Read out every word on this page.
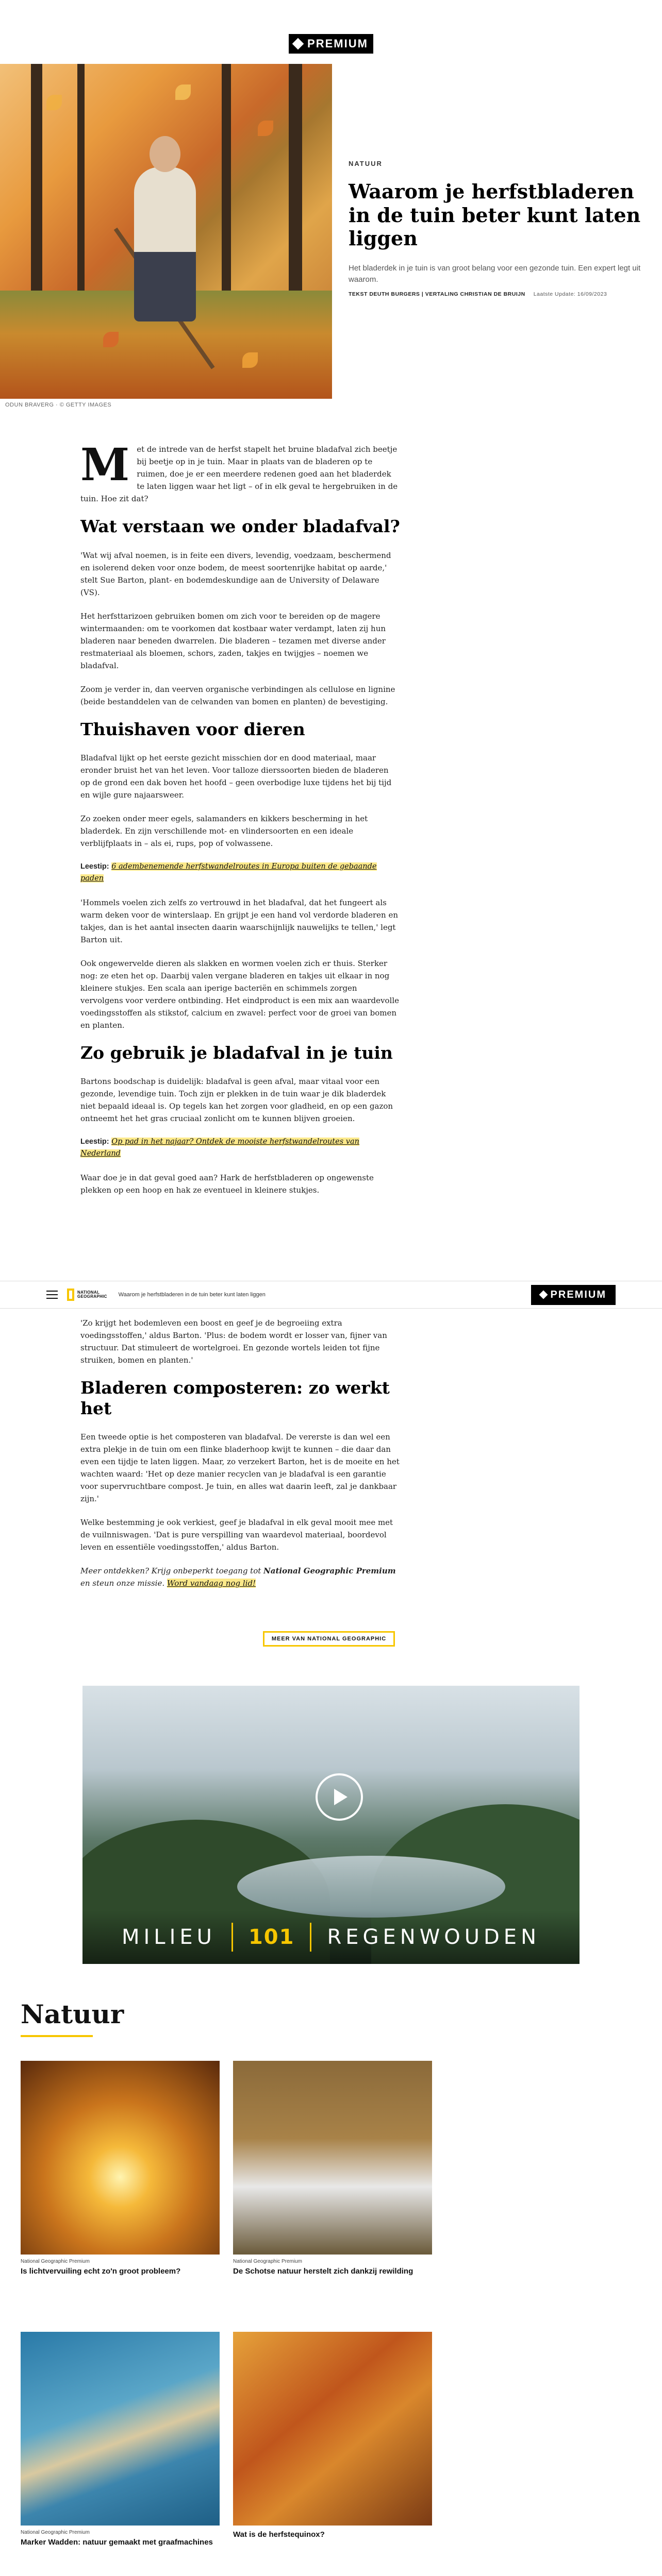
PREMIUM
ODUN BRAVERG · © GETTY IMAGES
NATUUR
Waarom je herfstbladeren in de tuin beter kunt laten liggen

Het bladerdek in je tuin is van groot belang voor een gezonde tuin. Een expert legt uit waarom.

TEKST DEUTH BURGERS | VERTALING CHRISTIAN DE BRUIJN Laatste Update: 16/09/2023

Met de intrede van de herfst stapelt het bruine bladafval zich beetje bij beetje op in je tuin. Maar in plaats van de bladeren op te ruimen, doe je er een meerdere redenen goed aan het bladerdek te laten liggen waar het ligt – of in elk geval te hergebruiken in de tuin. Hoe zit dat?

Wat verstaan we onder bladafval?

'Wat wij afval noemen, is in feite een divers, levendig, voedzaam, beschermend en isolerend deken voor onze bodem, de meest soortenrijke habitat op aarde,' stelt Sue Barton, plant- en bodemdeskundige aan de University of Delaware (VS).

Het herfsttarizoen gebruiken bomen om zich voor te bereiden op de magere wintermaanden: om te voorkomen dat kostbaar water verdampt, laten zij hun bladeren naar beneden dwarrelen. Die bladeren – tezamen met diverse ander restmateriaal als bloemen, schors, zaden, takjes en twijgjes – noemen we bladafval.

Zoom je verder in, dan veerven organische verbindingen als cellulose en lignine (beide bestanddelen van de celwanden van bomen en planten) de bevestiging.

Thuishaven voor dieren

Bladafval lijkt op het eerste gezicht misschien dor en dood materiaal, maar eronder bruist het van het leven. Voor talloze dierssoorten bieden de bladeren op de grond een dak boven het hoofd – geen overbodige luxe tijdens het bij tijd en wijle gure najaarsweer.

Zo zoeken onder meer egels, salamanders en kikkers bescherming in het bladerdek. En zijn verschillende mot- en vlindersoorten en een ideale verblijfplaats in – als ei, rups, pop of volwassene.

Leestip: 6 adembenemende herfstwandelroutes in Europa buiten de gebaande paden

'Hommels voelen zich zelfs zo vertrouwd in het bladafval, dat het fungeert als warm deken voor de winterslaap. En grijpt je een hand vol verdorde bladeren en takjes, dan is het aantal insecten daarin waarschijnlijk nauwelijks te tellen,' legt Barton uit.

Ook ongewervelde dieren als slakken en wormen voelen zich er thuis. Sterker nog: ze eten het op. Daarbij valen vergane bladeren en takjes uit elkaar in nog kleinere stukjes. Een scala aan iperige bacteriën en schimmels zorgen vervolgens voor verdere ontbinding. Het eindproduct is een mix aan waardevolle voedingsstoffen als stikstof, calcium en zwavel: perfect voor de groei van bomen en planten.

Zo gebruik je bladafval in je tuin

Bartons boodschap is duidelijk: bladafval is geen afval, maar vitaal voor een gezonde, levendige tuin. Toch zijn er plekken in de tuin waar je dik bladerdek niet bepaald ideaal is. Op tegels kan het zorgen voor gladheid, en op een gazon ontneemt het het gras cruciaal zonlicht om te kunnen blijven groeien.

Leestip: Op pad in het najaar? Ontdek de mooiste herfstwandelroutes van Nederland

Waar doe je in dat geval goed aan? Hark de herfstbladeren op ongewenste plekken op een hoop en hak ze eventueel in kleinere stukjes.

NATIONAL
GEOGRAPHIC Waarom je herfstbladeren in de tuin beter kunt laten liggen	PREMIUM

'Zo krijgt het bodemleven een boost en geef je de begroeiing extra voedingsstoffen,' aldus Barton. 'Plus: de bodem wordt er losser van, fijner van structuur. Dat stimuleert de wortelgroei. En gezonde wortels leiden tot fijne struiken, bomen en planten.'

Bladeren composteren: zo werkt het

Een tweede optie is het composteren van bladafval. De vererste is dan wel een extra plekje in de tuin om een flinke bladerhoop kwijt te kunnen – die daar dan even een tijdje te laten liggen. Maar, zo verzekert Barton, het is de moeite en het wachten waard: 'Het op deze manier recyclen van je bladafval is een garantie voor supervruchtbare compost. Je tuin, en alles wat daarin leeft, zal je dankbaar zijn.'

Welke bestemming je ook verkiest, geef je bladafval in elk geval mooit mee met de vuilnniswagen. 'Dat is pure verspilling van waardevol materiaal, boordevol leven en essentiële voedingsstoffen,' aldus Barton.

Meer ontdekken? Krijg onbeperkt toegang tot National Geographic Premium en steun onze missie. Word vandaag nog lid!

MEER VAN NATIONAL GEOGRAPHIC
MILIEU 101 REGENWOUDEN
Natuur
National Geographic Premium
Is lichtvervuiling echt zo'n groot probleem?
National Geographic Premium
De Schotse natuur herstelt zich dankzij rewilding
National Geographic Premium
Marker Wadden: natuur gemaakt met graafmachines
Wat is de herfstequinox?
